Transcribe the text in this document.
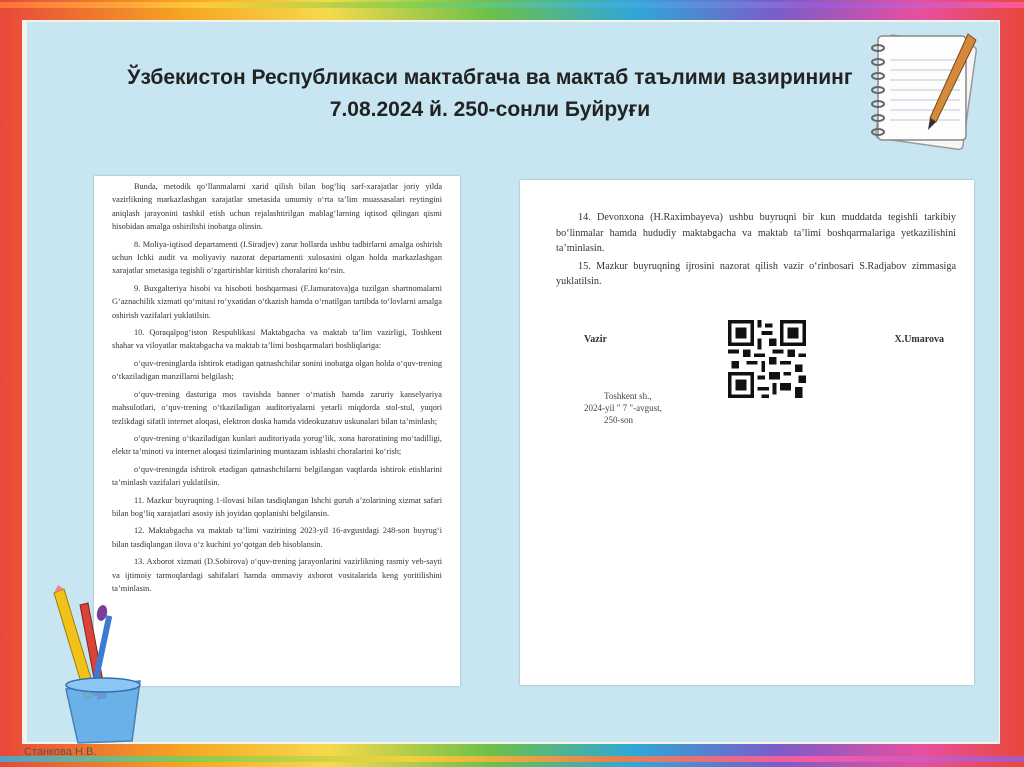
Ўзбекистон Республикаси мактабгача ва мактаб таълими вазирининг
7.08.2024 й. 250-сонли Буйруғи

Bunda, metodik qo‘llanmalarni xarid qilish bilan bog‘liq sarf-xarajatlar joriy yilda vazirlikning markazlashgan xarajatlar smetasida umumiy o‘rta ta’lim muassasalari reytingini aniqlash jarayonini tashkil etish uchun rejalashtirilgan mablag‘larning iqtisod qilingan qismi hisobidan amalga oshirilishi inobatga olinsin.

8. Moliya-iqtisod departamenti (I.Siradjev) zarur hollarda ushbu tadbirlarni amalga oshirish uchun Ichki audit va moliyaviy nazorat departamenti xulosasini olgan holda markazlashgan xarajatlar smetasiga tegishli o‘zgartirishlar kiritish choralarini ko‘rsin.

9. Buxgalteriya hisobi va hisoboti boshqarmasi (F.Jamuratova)ga tuzilgan shartnomalarni G‘aznachilik xizmati qo‘mitasi ro‘yxatidan o‘tkazish hamda o‘rnatilgan tartibda to‘lovlarni amalga oshirish vazifalari yuklatilsin.

10. Qoraqalpog‘iston Respublikasi Maktabgacha va maktab ta’lim vazirligi, Toshkent shahar va viloyatlar maktabgacha va maktab ta’limi boshqarmalari boshliqlariga:

o‘quv-treninglarda ishtirok etadigan qatnashchilar sonini inobatga olgan holda o‘quv-trening o‘tkaziladigan manzillarni belgilash;

o‘quv-trening dasturiga mos ravishda banner o‘rnatish hamda zaruriy kanselyariya mahsulotlari, o‘quv-trening o‘tkaziladigan auditoriyalarni yetarli miqdorda stol-stul, yuqori tezlikdagi sifatli internet aloqasi, elektron doska hamda videokuzatuv uskunalari bilan ta’minlash;

o‘quv-trening o‘tkaziladigan kunlari auditoriyada yorug‘lik, xona haroratining mo‘tadilligi, elektr ta’minoti va internet aloqasi tizimlarining muntazam ishlashi choralarini ko‘rish;

o‘quv-treningda ishtirok etadigan qatnashchilarni belgilangan vaqtlarda ishtirok etishlarini ta’minlash vazifalari yuklatilsin.

11. Mazkur buyruqning 1-ilovasi bilan tasdiqlangan Ishchi guruh a’zolarining xizmat safari bilan bog‘liq xarajatlari asosiy ish joyidan qoplanishi belgilansin.

12. Maktabgacha va maktab ta’limi vazirining 2023-yil 16-avgustdagi 248-son buyrug‘i bilan tasdiqlangan ilova o‘z kuchini yo‘qotgan deb hisoblansin.

13. Axborot xizmati (D.Sobirova) o‘quv-trening jarayonlarini vazirlikning rasmiy veb-sayti va ijtimoiy tarmoqlardagi sahifalari hamda ommaviy axborot vositalarida keng yoritilishini ta’minlasin.

14. Devonxona (H.Raximbayeva) ushbu buyruqni bir kun muddatda tegishli tarkibiy bo‘linmalar hamda hududiy maktabgacha va maktab ta’limi boshqarmalariga yetkazilishini ta’minlasin.

15. Mazkur buyruqning ijrosini nazorat qilish vazir o‘rinbosari S.Radjabov zimmasiga yuklatilsin.

Vazir	X.Umarova
Toshkent sh.,
2024-yil " 7 "-avgust,
250-son
Станкова Н.В.
